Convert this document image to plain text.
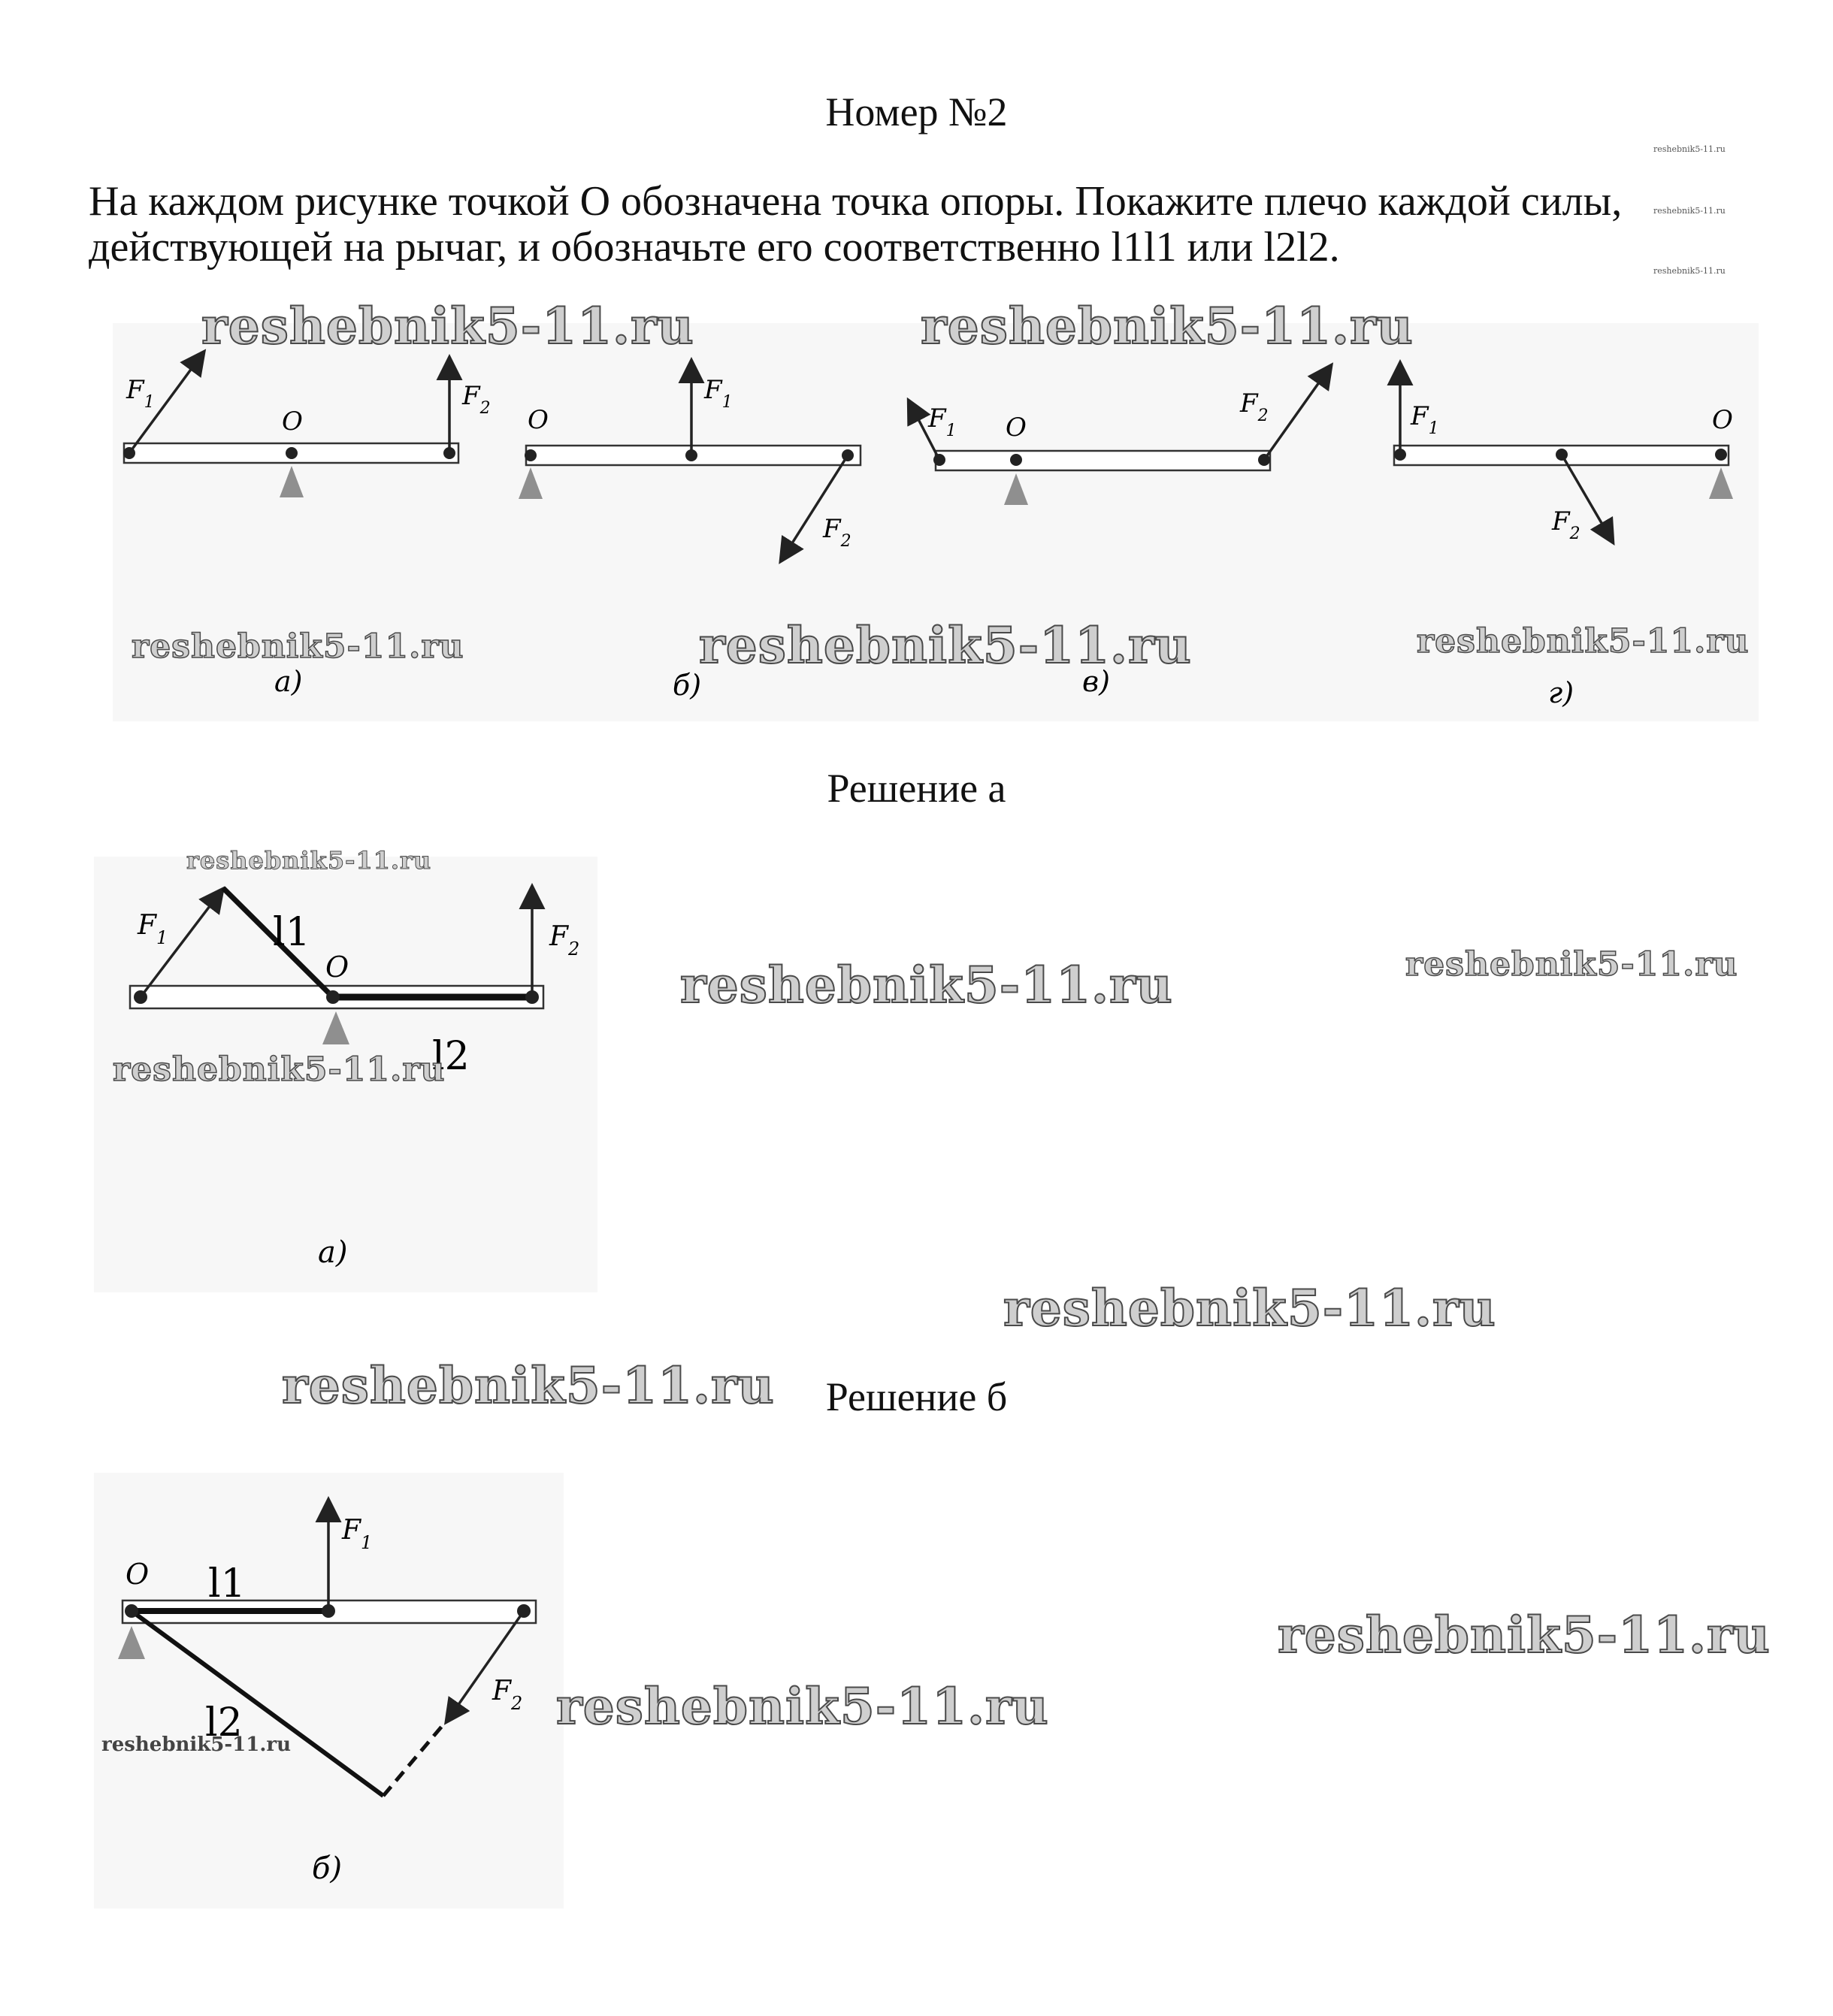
Номер №2
На каждом рисунке точкой О обозначена точка опоры. Покажите плечо каждой силы, действующей на рычаг, и обозначьте его соответственно l1l1 или l2l2.
reshebnik5-11.ru
reshebnik5-11.ru
reshebnik5-11.ru
O
$F_1$	$F_2$
а)
O
$F_1$
$F_2$
б)
O
$F_1$
$F_2$
в)
O
$F_1$
$F_2$
г)
reshebnik5-11.ru	reshebnik5-11.ru
reshebnik5-11.ru	reshebnik5-11.ru	reshebnik5-11.ru
Решение а
O
$F_1$	$F_2$
l1
l2
а)
reshebnik5-11.ru
reshebnik5-11.ru
reshebnik5-11.ru	reshebnik5-11.ru
reshebnik5-11.ru
reshebnik5-11.ru	Решение б
O
$F_1$
$F_2$
l1
l2
б)
reshebnik5-11.ru
reshebnik5-11.ru
reshebnik5-11.ru
